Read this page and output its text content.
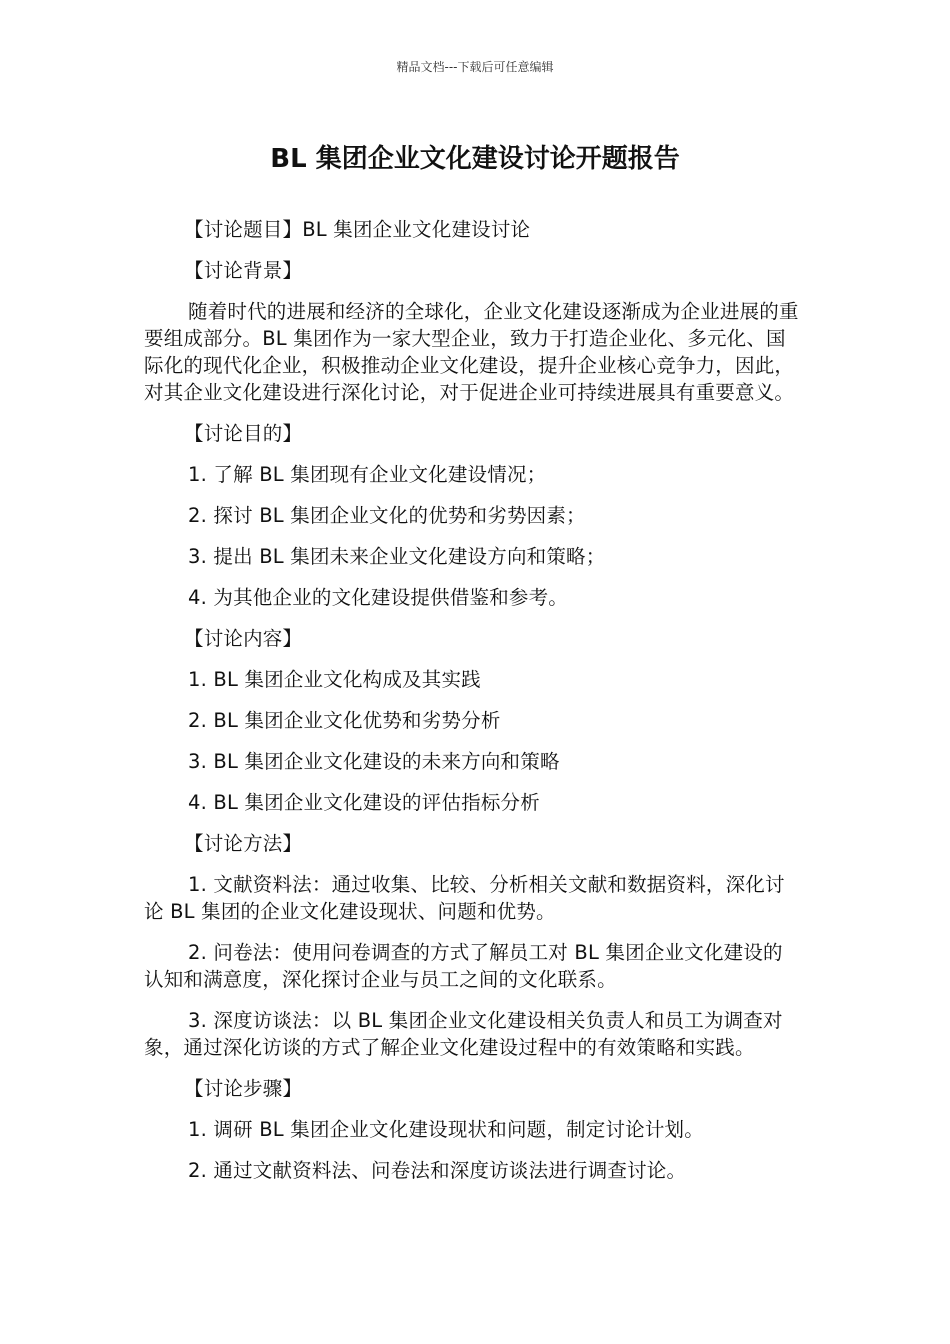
精品文档---下载后可任意编辑
BL 集团企业文化建设讨论开题报告

【讨论题目】BL 集团企业文化建设讨论

【讨论背景】

随着时代的进展和经济的全球化，企业文化建设逐渐成为企业进展的重要组成部分。BL 集团作为一家大型企业，致力于打造企业化、多元化、国际化的现代化企业，积极推动企业文化建设，提升企业核心竞争力，因此，对其企业文化建设进行深化讨论，对于促进企业可持续进展具有重要意义。

【讨论目的】

1. 了解 BL 集团现有企业文化建设情况；

2. 探讨 BL 集团企业文化的优势和劣势因素；

3. 提出 BL 集团未来企业文化建设方向和策略；

4. 为其他企业的文化建设提供借鉴和参考。

【讨论内容】

1. BL 集团企业文化构成及其实践

2. BL 集团企业文化优势和劣势分析

3. BL 集团企业文化建设的未来方向和策略

4. BL 集团企业文化建设的评估指标分析

【讨论方法】

1. 文献资料法：通过收集、比较、分析相关文献和数据资料，深化讨论 BL 集团的企业文化建设现状、问题和优势。

2. 问卷法：使用问卷调查的方式了解员工对 BL 集团企业文化建设的认知和满意度，深化探讨企业与员工之间的文化联系。

3. 深度访谈法：以 BL 集团企业文化建设相关负责人和员工为调查对象，通过深化访谈的方式了解企业文化建设过程中的有效策略和实践。

【讨论步骤】

1. 调研 BL 集团企业文化建设现状和问题，制定讨论计划。

2. 通过文献资料法、问卷法和深度访谈法进行调查讨论。
